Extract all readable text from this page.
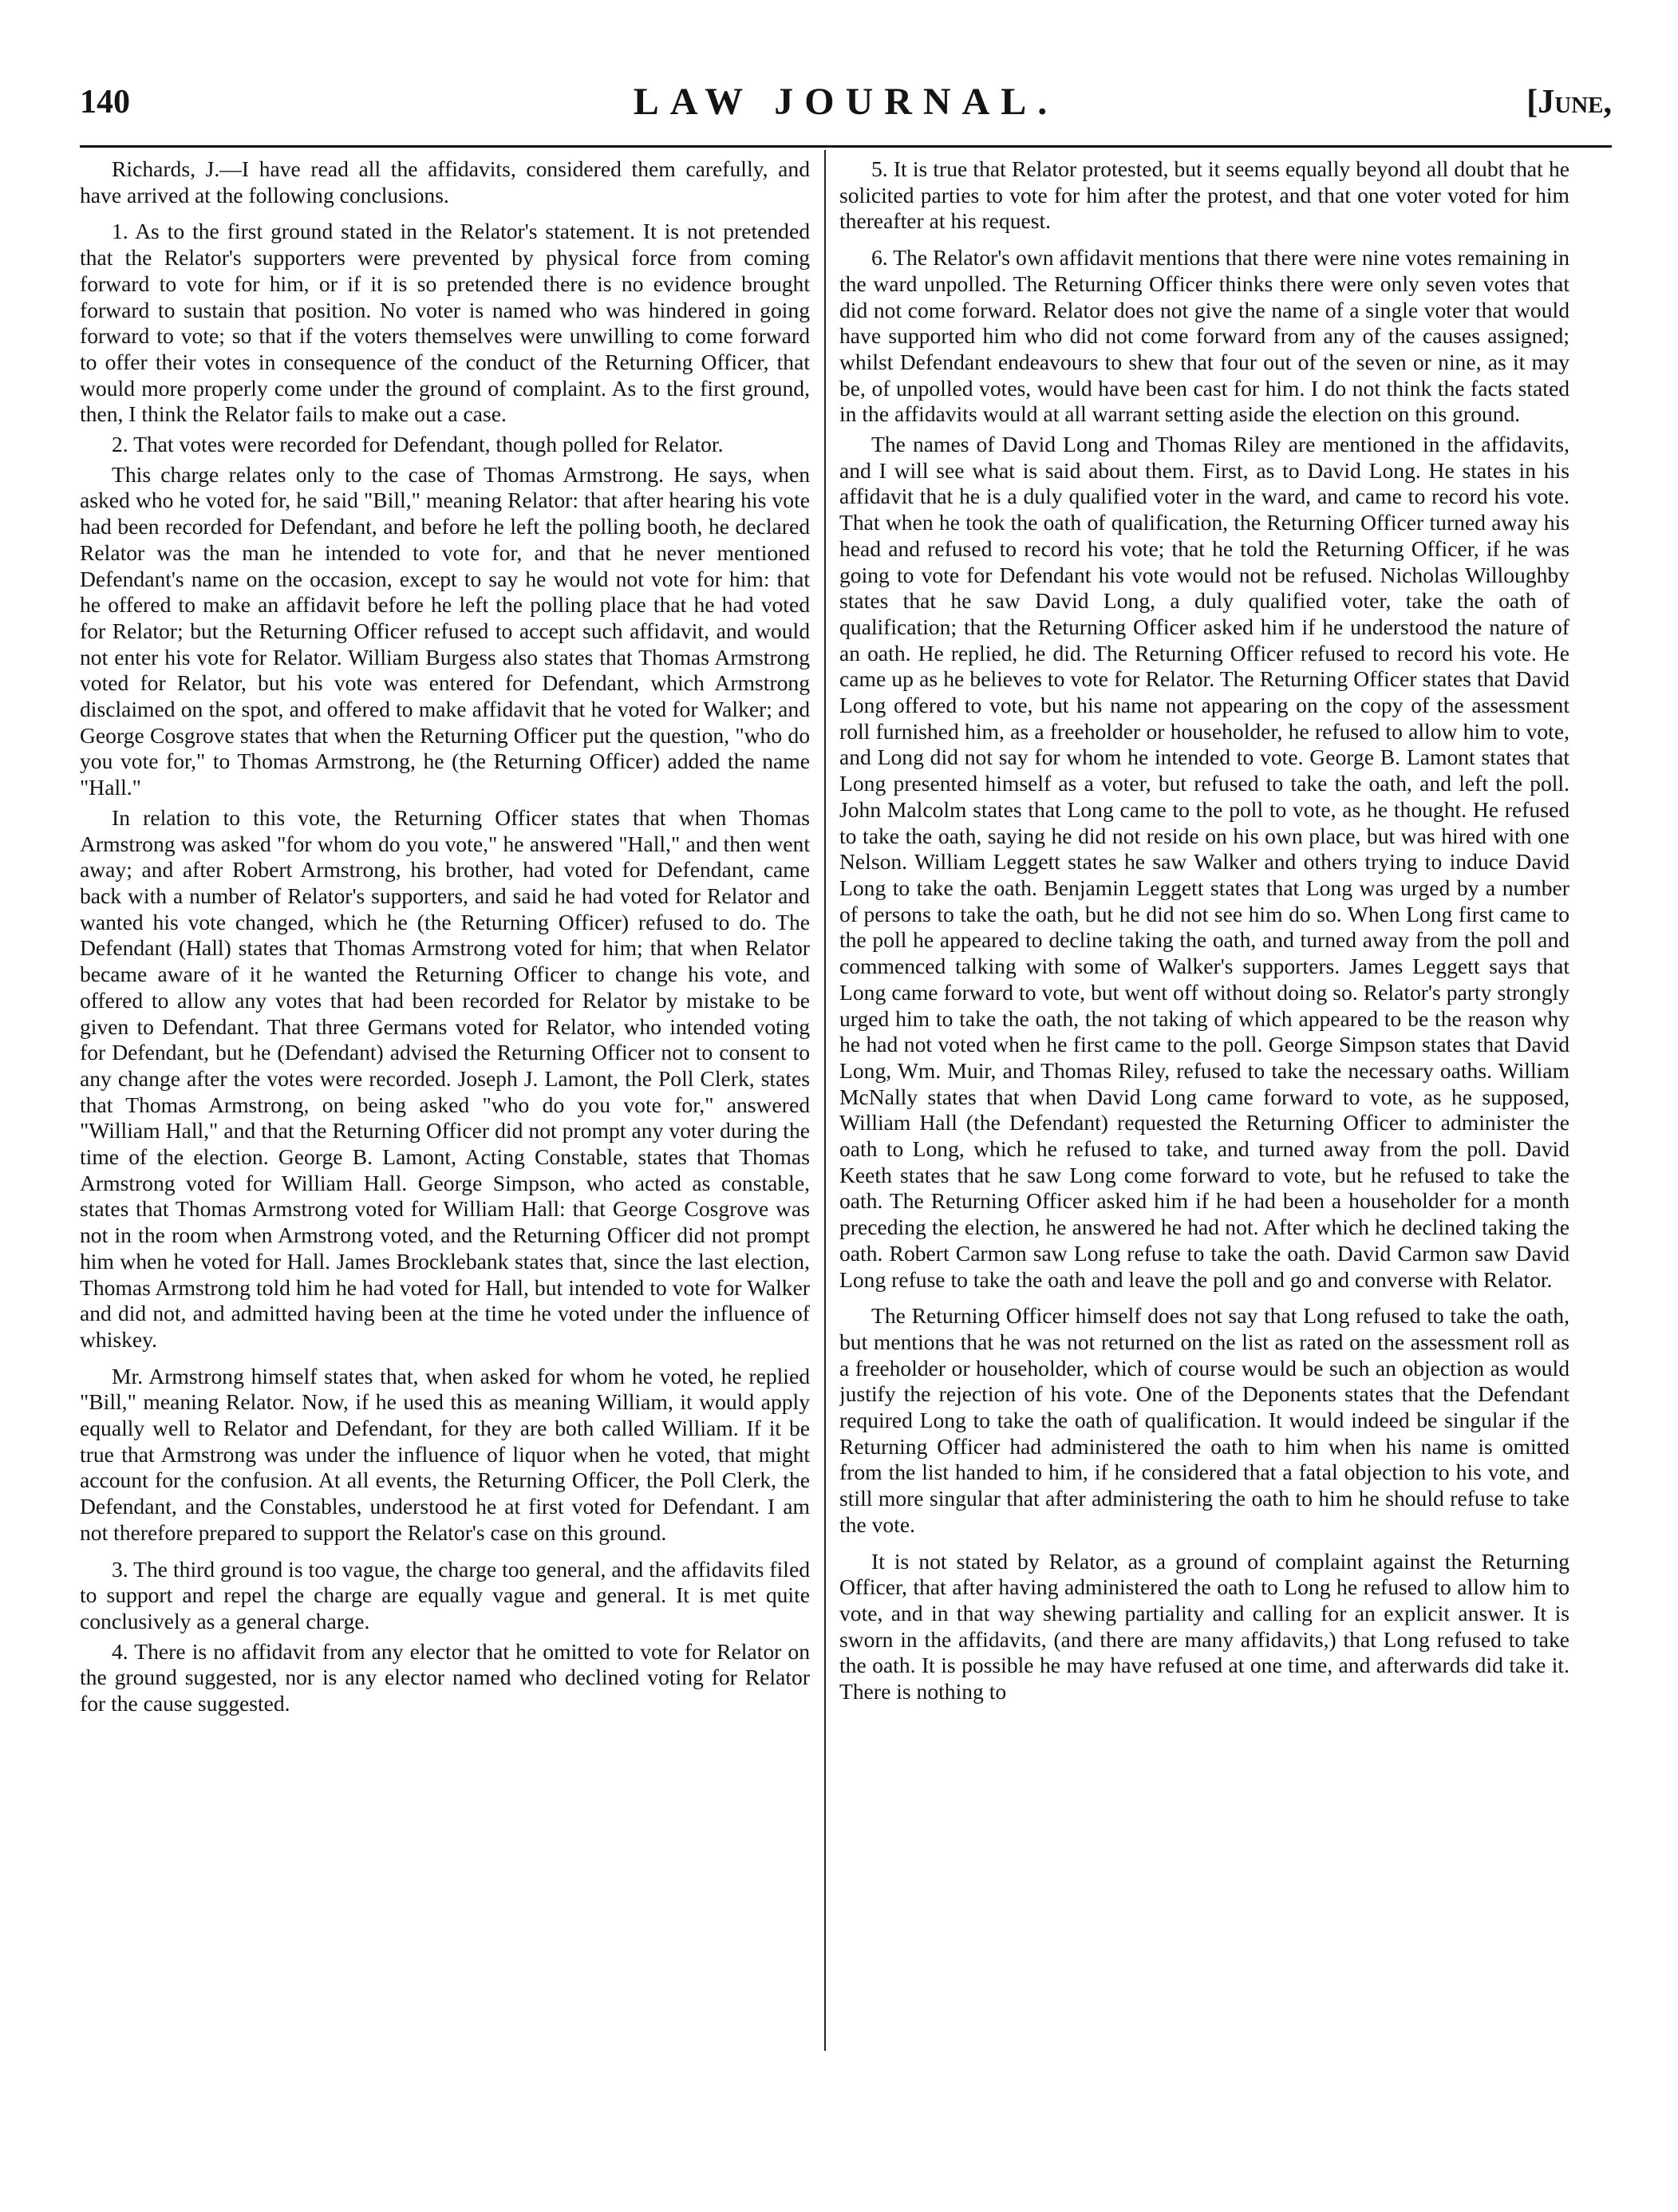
140	LAW JOURNAL.	[June,

Richards, J.—I have read all the affidavits, considered them carefully, and have arrived at the following conclusions.

1. As to the first ground stated in the Relator's statement. It is not pretended that the Relator's supporters were prevented by physical force from coming forward to vote for him, or if it is so pretended there is no evidence brought forward to sustain that position. No voter is named who was hindered in going forward to vote; so that if the voters themselves were unwilling to come forward to offer their votes in consequence of the conduct of the Returning Officer, that would more properly come under the ground of complaint. As to the first ground, then, I think the Relator fails to make out a case.

2. That votes were recorded for Defendant, though polled for Relator.

This charge relates only to the case of Thomas Armstrong. He says, when asked who he voted for, he said "Bill," meaning Relator: that after hearing his vote had been recorded for Defendant, and before he left the polling booth, he declared Relator was the man he intended to vote for, and that he never mentioned Defendant's name on the occasion, except to say he would not vote for him: that he offered to make an affidavit before he left the polling place that he had voted for Relator; but the Returning Officer refused to accept such affidavit, and would not enter his vote for Relator. William Burgess also states that Thomas Armstrong voted for Relator, but his vote was entered for Defendant, which Armstrong disclaimed on the spot, and offered to make affidavit that he voted for Walker; and George Cosgrove states that when the Returning Officer put the question, "who do you vote for," to Thomas Armstrong, he (the Returning Officer) added the name "Hall."

In relation to this vote, the Returning Officer states that when Thomas Armstrong was asked "for whom do you vote," he answered "Hall," and then went away; and after Robert Armstrong, his brother, had voted for Defendant, came back with a number of Relator's supporters, and said he had voted for Relator and wanted his vote changed, which he (the Returning Officer) refused to do. The Defendant (Hall) states that Thomas Armstrong voted for him; that when Relator became aware of it he wanted the Returning Officer to change his vote, and offered to allow any votes that had been recorded for Relator by mistake to be given to Defendant. That three Germans voted for Relator, who intended voting for Defendant, but he (Defendant) advised the Returning Officer not to consent to any change after the votes were recorded. Joseph J. Lamont, the Poll Clerk, states that Thomas Armstrong, on being asked "who do you vote for," answered "William Hall," and that the Returning Officer did not prompt any voter during the time of the election. George B. Lamont, Acting Constable, states that Thomas Armstrong voted for William Hall. George Simpson, who acted as constable, states that Thomas Armstrong voted for William Hall: that George Cosgrove was not in the room when Armstrong voted, and the Returning Officer did not prompt him when he voted for Hall. James Brocklebank states that, since the last election, Thomas Armstrong told him he had voted for Hall, but intended to vote for Walker and did not, and admitted having been at the time he voted under the influence of whiskey.

Mr. Armstrong himself states that, when asked for whom he voted, he replied "Bill," meaning Relator. Now, if he used this as meaning William, it would apply equally well to Relator and Defendant, for they are both called William. If it be true that Armstrong was under the influence of liquor when he voted, that might account for the confusion. At all events, the Returning Officer, the Poll Clerk, the Defendant, and the Constables, understood he at first voted for Defendant. I am not therefore prepared to support the Relator's case on this ground.

3. The third ground is too vague, the charge too general, and the affidavits filed to support and repel the charge are equally vague and general. It is met quite conclusively as a general charge.

4. There is no affidavit from any elector that he omitted to vote for Relator on the ground suggested, nor is any elector named who declined voting for Relator for the cause suggested.

5. It is true that Relator protested, but it seems equally beyond all doubt that he solicited parties to vote for him after the protest, and that one voter voted for him thereafter at his request.

6. The Relator's own affidavit mentions that there were nine votes remaining in the ward unpolled. The Returning Officer thinks there were only seven votes that did not come forward. Relator does not give the name of a single voter that would have supported him who did not come forward from any of the causes assigned; whilst Defendant endeavours to shew that four out of the seven or nine, as it may be, of unpolled votes, would have been cast for him. I do not think the facts stated in the affidavits would at all warrant setting aside the election on this ground.

The names of David Long and Thomas Riley are mentioned in the affidavits, and I will see what is said about them. First, as to David Long. He states in his affidavit that he is a duly qualified voter in the ward, and came to record his vote. That when he took the oath of qualification, the Returning Officer turned away his head and refused to record his vote; that he told the Returning Officer, if he was going to vote for Defendant his vote would not be refused. Nicholas Willoughby states that he saw David Long, a duly qualified voter, take the oath of qualification; that the Returning Officer asked him if he understood the nature of an oath. He replied, he did. The Returning Officer refused to record his vote. He came up as he believes to vote for Relator. The Returning Officer states that David Long offered to vote, but his name not appearing on the copy of the assessment roll furnished him, as a freeholder or householder, he refused to allow him to vote, and Long did not say for whom he intended to vote. George B. Lamont states that Long presented himself as a voter, but refused to take the oath, and left the poll. John Malcolm states that Long came to the poll to vote, as he thought. He refused to take the oath, saying he did not reside on his own place, but was hired with one Nelson. William Leggett states he saw Walker and others trying to induce David Long to take the oath. Benjamin Leggett states that Long was urged by a number of persons to take the oath, but he did not see him do so. When Long first came to the poll he appeared to decline taking the oath, and turned away from the poll and commenced talking with some of Walker's supporters. James Leggett says that Long came forward to vote, but went off without doing so. Relator's party strongly urged him to take the oath, the not taking of which appeared to be the reason why he had not voted when he first came to the poll. George Simpson states that David Long, Wm. Muir, and Thomas Riley, refused to take the necessary oaths. William McNally states that when David Long came forward to vote, as he supposed, William Hall (the Defendant) requested the Returning Officer to administer the oath to Long, which he refused to take, and turned away from the poll. David Keeth states that he saw Long come forward to vote, but he refused to take the oath. The Returning Officer asked him if he had been a householder for a month preceding the election, he answered he had not. After which he declined taking the oath. Robert Carmon saw Long refuse to take the oath. David Carmon saw David Long refuse to take the oath and leave the poll and go and converse with Relator.

The Returning Officer himself does not say that Long refused to take the oath, but mentions that he was not returned on the list as rated on the assessment roll as a freeholder or householder, which of course would be such an objection as would justify the rejection of his vote. One of the Deponents states that the Defendant required Long to take the oath of qualification. It would indeed be singular if the Returning Officer had administered the oath to him when his name is omitted from the list handed to him, if he considered that a fatal objection to his vote, and still more singular that after administering the oath to him he should refuse to take the vote.

It is not stated by Relator, as a ground of complaint against the Returning Officer, that after having administered the oath to Long he refused to allow him to vote, and in that way shewing partiality and calling for an explicit answer. It is sworn in the affidavits, (and there are many affidavits,) that Long refused to take the oath. It is possible he may have refused at one time, and afterwards did take it. There is nothing to
